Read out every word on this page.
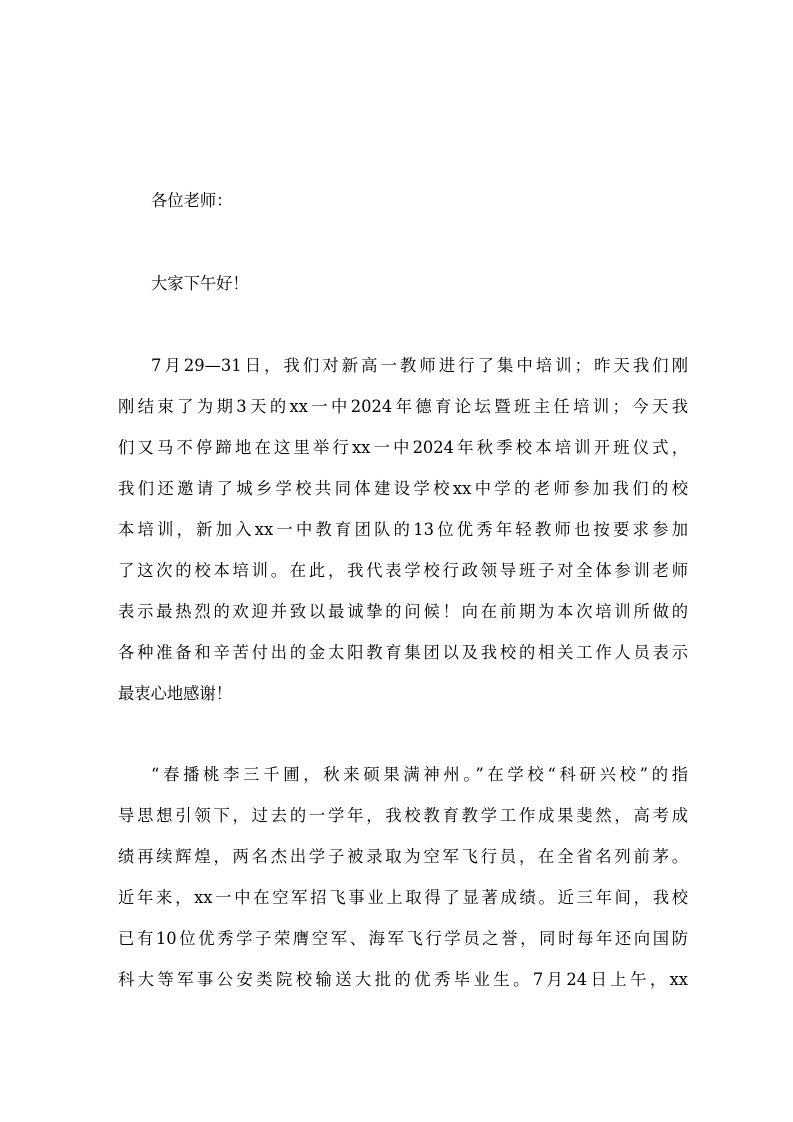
各位老师：
大家下午好！
7月29—31日，我们对新高一教师进行了集中培训；昨天我们刚
刚结束了为期3天的xx一中2024年德育论坛暨班主任培训；今天我
们又马不停蹄地在这里举行xx一中2024年秋季校本培训开班仪式，
我们还邀请了城乡学校共同体建设学校xx中学的老师参加我们的校
本培训，新加入xx一中教育团队的13位优秀年轻教师也按要求参加
了这次的校本培训。在此，我代表学校行政领导班子对全体参训老师
表示最热烈的欢迎并致以最诚挚的问候！向在前期为本次培训所做的
各种准备和辛苦付出的金太阳教育集团以及我校的相关工作人员表示
最衷心地感谢！
“春播桃李三千圃，秋来硕果满神州。”在学校“科研兴校”的指
导思想引领下，过去的一学年，我校教育教学工作成果斐然，高考成
绩再续辉煌，两名杰出学子被录取为空军飞行员，在全省名列前茅。
近年来，xx一中在空军招飞事业上取得了显著成绩。近三年间，我校
已有10位优秀学子荣膺空军、海军飞行学员之誉，同时每年还向国防
科大等军事公安类院校输送大批的优秀毕业生。7月24日上午，xx
